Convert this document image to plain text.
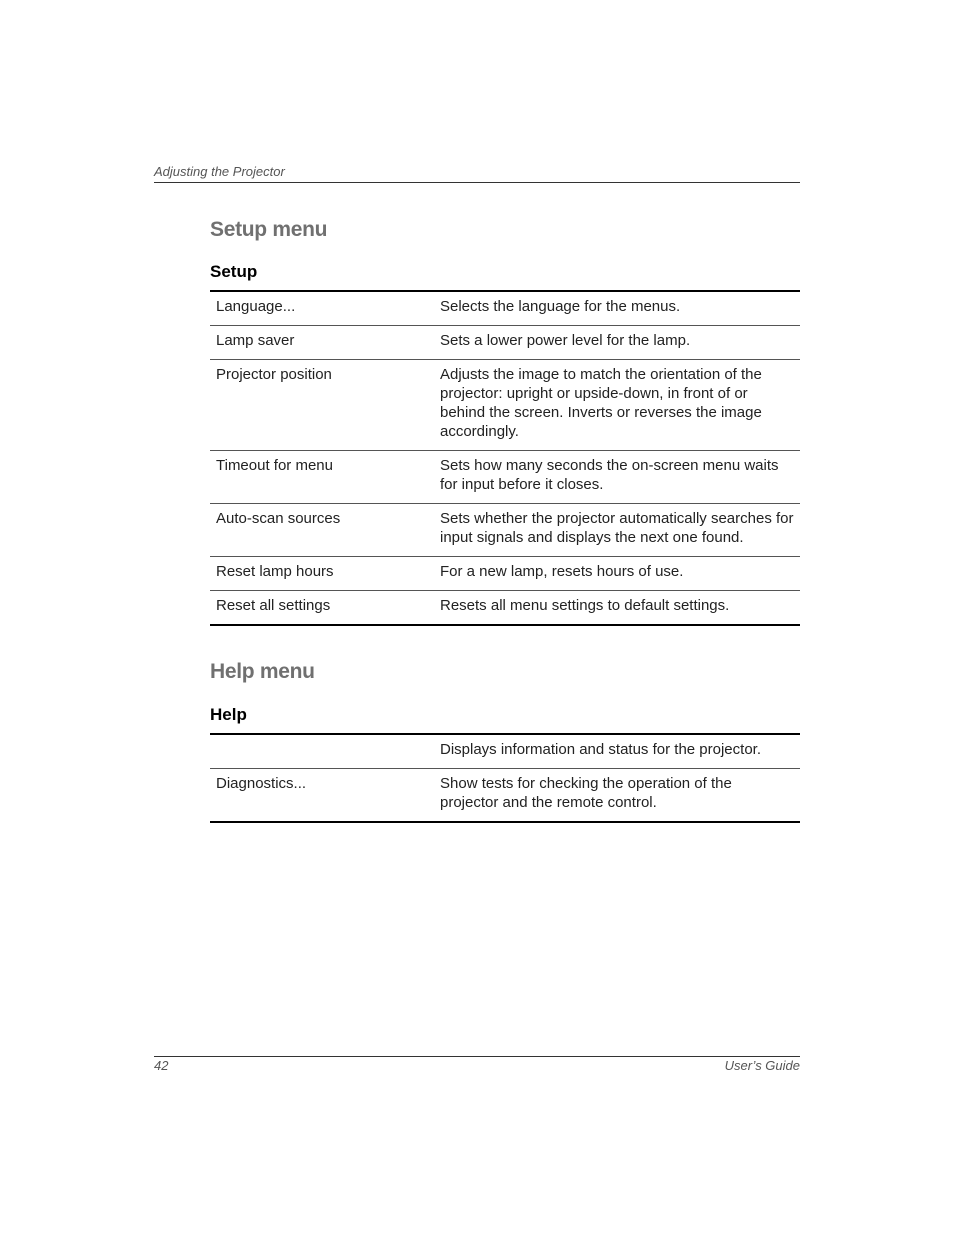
Adjusting the Projector
Setup menu
Setup
Language...	Selects the language for the menus.
Lamp saver	Sets a lower power level for the lamp.
Projector position	Adjusts the image to match the orientation of the projector: upright or upside-down, in front of or behind the screen. Inverts or reverses the image accordingly.
Timeout for menu	Sets how many seconds the on-screen menu waits for input before it closes.
Auto-scan sources	Sets whether the projector automatically searches for input signals and displays the next one found.
Reset lamp hours	For a new lamp, resets hours of use.
Reset all settings	Resets all menu settings to default settings.
Help menu
Help
	Displays information and status for the projector.
Diagnostics...	Show tests for checking the operation of the projector and the remote control.
42	User’s Guide
